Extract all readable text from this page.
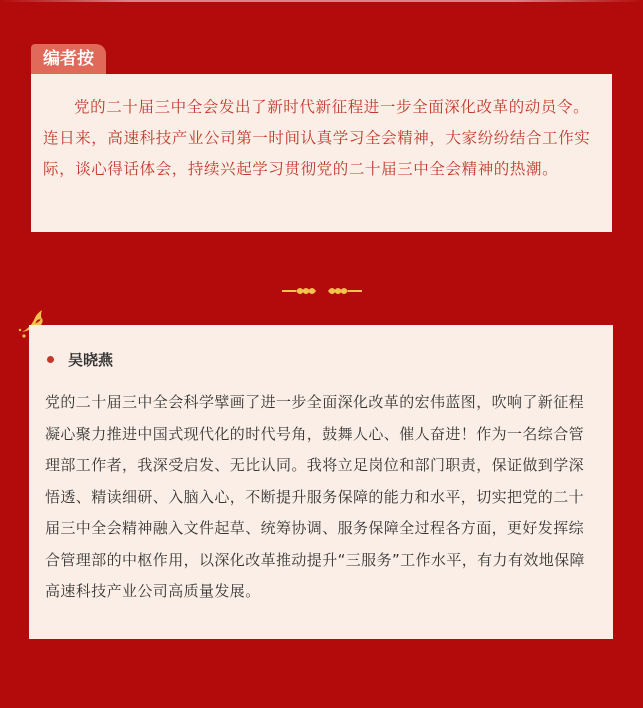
编者按

党的二十届三中全会发出了新时代新征程进一步全面深化改革的动员令。连日来，高速科技产业公司第一时间认真学习全会精神，大家纷纷结合工作实际，谈心得话体会，持续兴起学习贯彻党的二十届三中全会精神的热潮。

吴晓燕

党的二十届三中全会科学擘画了进一步全面深化改革的宏伟蓝图，吹响了新征程凝心聚力推进中国式现代化的时代号角，鼓舞人心、催人奋进！作为一名综合管理部工作者，我深受启发、无比认同。我将立足岗位和部门职责，保证做到学深悟透、精读细研、入脑入心，不断提升服务保障的能力和水平，切实把党的二十届三中全会精神融入文件起草、统筹协调、服务保障全过程各方面，更好发挥综合管理部的中枢作用，以深化改革推动提升“三服务”工作水平，有力有效地保障高速科技产业公司高质量发展。
